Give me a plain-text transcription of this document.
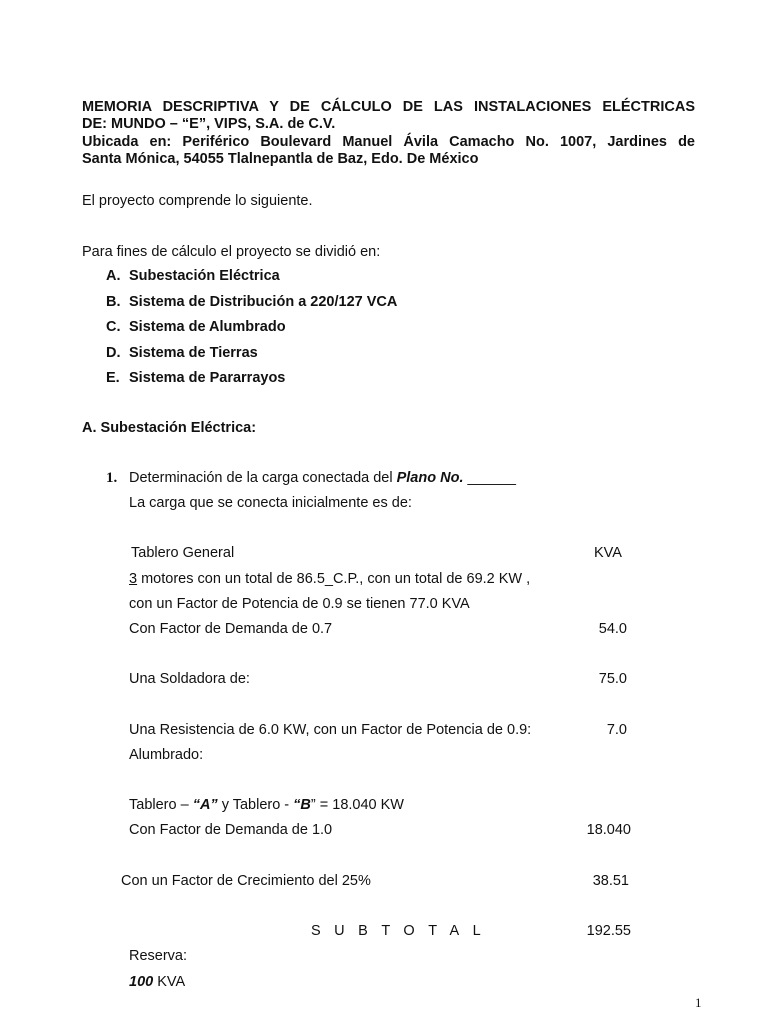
MEMORIA DESCRIPTIVA Y DE CÁLCULO DE LAS INSTALACIONES ELÉCTRICAS
DE: MUNDO – “E”, VIPS, S.A. de C.V.
Ubicada en: Periférico Boulevard Manuel Ávila Camacho No. 1007, Jardines de
Santa Mónica, 54055 Tlalnepantla de Baz, Edo. De México
El proyecto comprende lo siguiente.
Para fines de cálculo el proyecto se dividió en:
A. Subestación Eléctrica
B. Sistema de Distribución a 220/127 VCA
C. Sistema de Alumbrado
D. Sistema de Tierras
E. Sistema de Pararrayos
A. Subestación Eléctrica:
1. Determinación de la carga conectada del Plano No. ______
La carga que se conecta inicialmente es de:
Tablero General	KVA
3 motores con un total de 86.5_C.P., con un total de 69.2 KW ,
con un Factor de Potencia de 0.9 se tienen 77.0 KVA
Con Factor de Demanda de 0.7	54.0
Una Soldadora de:	75.0
Una Resistencia de 6.0 KW, con un Factor de Potencia de 0.9:	7.0
Alumbrado:
Tablero – “A” y Tablero - “B” = 18.040 KW
Con Factor de Demanda de 1.0	18.040
Con un Factor de Crecimiento del 25%	38.51
SUBTOTAL	192.55
Reserva:
100 KVA
1
